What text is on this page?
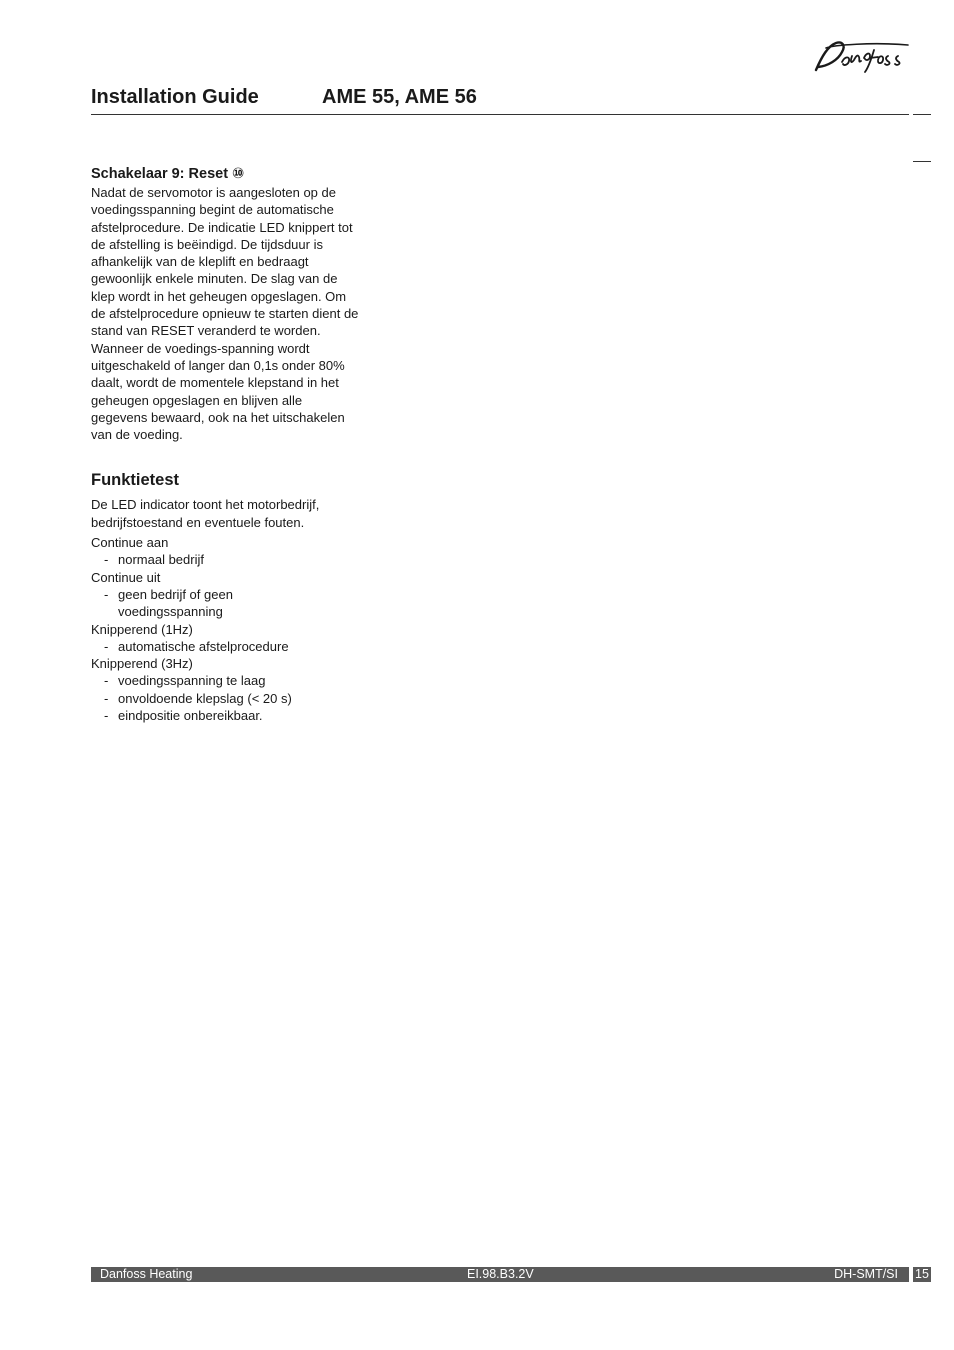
Installation Guide	AME 55, AME 56

Schakelaar 9: Reset ⑩

Nadat de servomotor is aangesloten op de voedingsspanning begint de automatische afstelprocedure. De indicatie LED knippert tot de afstelling is beëindigd. De tijdsduur is afhankelijk van de kleplift en bedraagt gewoonlijk enkele minuten. De slag van de klep wordt in het geheugen opgeslagen. Om de afstelprocedure opnieuw te starten dient de stand van RESET veranderd te worden.

Wanneer de voedings-spanning wordt uitgeschakeld of langer dan 0,1s onder 80% daalt, wordt de momentele klepstand in het geheugen opgeslagen en blijven alle gegevens bewaard, ook na het uitschakelen van de voeding.

Funktietest

De LED indicator toont het motorbedrijf, bedrijfstoestand en eventuele fouten.

Continue aan

- normaal bedrijf

Continue uit

- geen bedrijf of geen voedingsspanning

Knipperend (1Hz)

- automatische afstelprocedure

Knipperend (3Hz)

- voedingsspanning te laag

- onvoldoende klepslag (< 20 s)

- eindpositie onbereikbaar.

Danfoss Heating	EI.98.B3.2V	DH-SMT/SI 15
